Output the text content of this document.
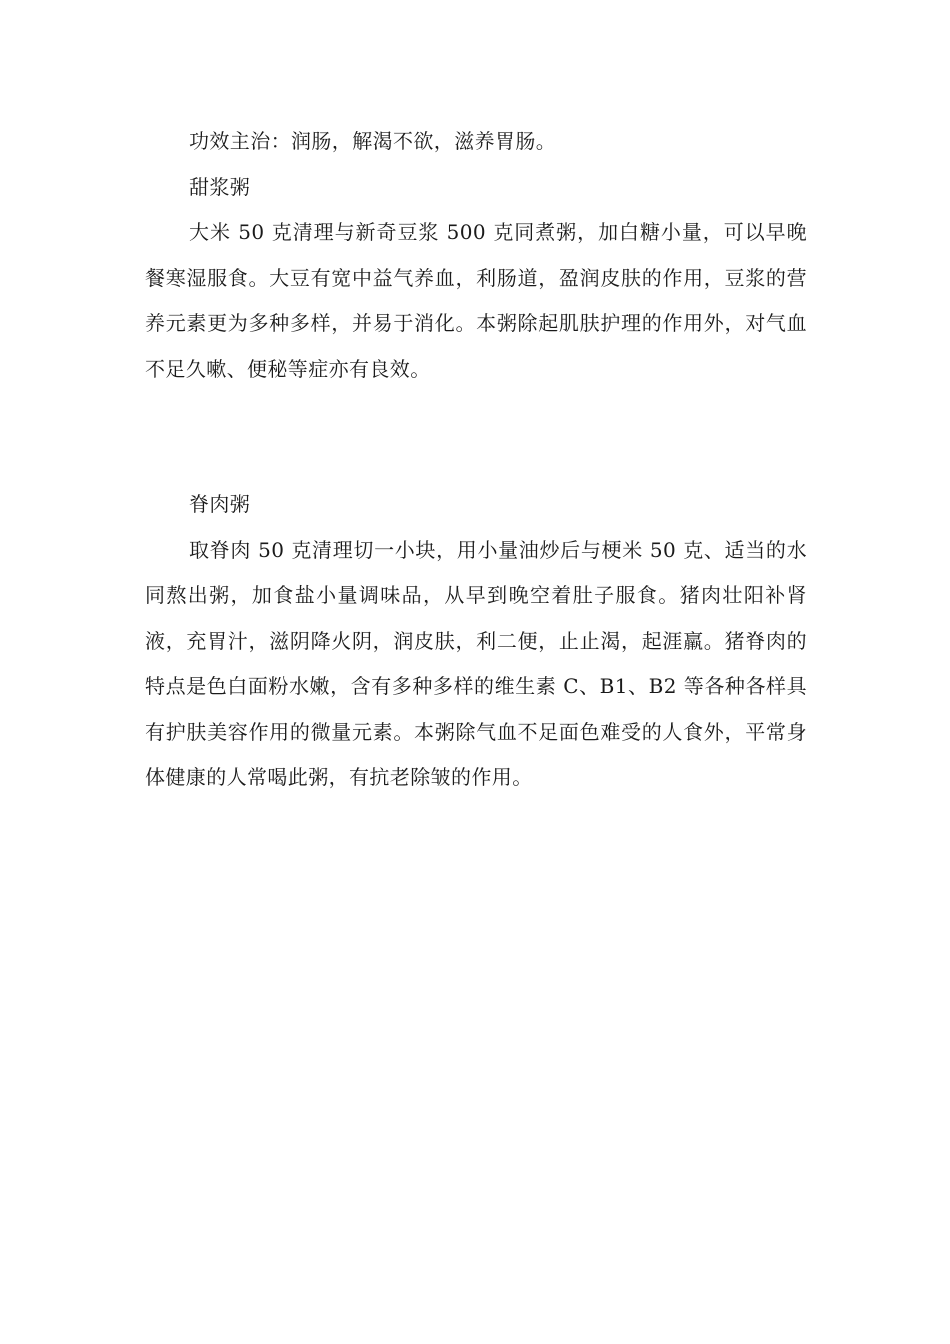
功效主治：润肠，解渴不欲，滋养胃肠。

甜浆粥

大米 50 克清理与新奇豆浆 500 克同煮粥，加白糖小量，可以早晚餐寒湿服食。大豆有宽中益气养血，利肠道，盈润皮肤的作用，豆浆的营养元素更为多种多样，并易于消化。本粥除起肌肤护理的作用外，对气血不足久嗽、便秘等症亦有良效。

脊肉粥

取脊肉 50 克清理切一小块，用小量油炒后与梗米 50 克、适当的水同熬出粥，加食盐小量调味品，从早到晚空着肚子服食。猪肉壮阳补肾液，充胃汁，滋阴降火阴，润皮肤，利二便，止止渴，起涯羸。猪脊肉的特点是色白面粉水嫩，含有多种多样的维生素 C、B1、B2 等各种各样具有护肤美容作用的微量元素。本粥除气血不足面色难受的人食外，平常身体健康的人常喝此粥，有抗老除皱的作用。
